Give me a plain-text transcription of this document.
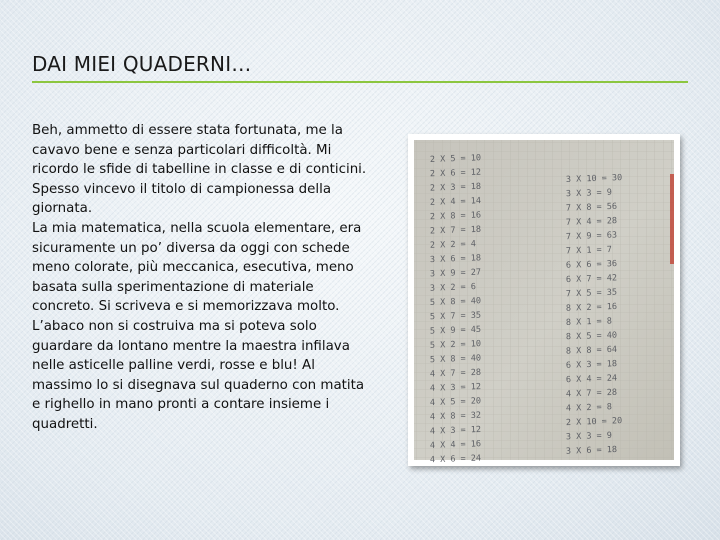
DAI MIEI QUADERNI…
Beh, ammetto di essere stata fortunata, me la
cavavo bene e senza particolari difficoltà. Mi
ricordo le sfide di tabelline in classe e di conticini.
Spesso vincevo il titolo di campionessa della
giornata.
La mia matematica, nella scuola elementare, era
sicuramente un po’ diversa da oggi con schede
meno colorate, più meccanica, esecutiva, meno
basata sulla sperimentazione di materiale
concreto. Si scriveva e si memorizzava molto.
L’abaco non si costruiva ma si poteva solo
guardare da lontano mentre la maestra infilava
nelle asticelle palline verdi, rosse e blu! Al
massimo lo si disegnava sul quaderno con matita
e righello in mano pronti a contare insieme i
quadretti.
2 X 5 = 10
2 X 6 = 12
2 X 3 = 18
2 X 4 = 14
2 X 8 = 16
2 X 7 = 18
2 X 2 = 4
3 X 6 = 18
3 X 9 = 27
3 X 2 = 6
5 X 8 = 40
5 X 7 = 35
5 X 9 = 45
5 X 2 = 10
5 X 8 = 40
4 X 7 = 28
4 X 3 = 12
4 X 5 = 20
4 X 8 = 32
4 X 3 = 12
4 X 4 = 16
4 X 6 = 24
3 X 10 = 30
3 X 3 = 9
7 X 8 = 56
7 X 4 = 28
7 X 9 = 63
7 X 1 = 7
6 X 6 = 36
6 X 7 = 42
7 X 5 = 35
8 X 2 = 16
8 X 1 = 8
8 X 5 = 40
8 X 8 = 64
6 X 3 = 18
6 X 4 = 24
4 X 7 = 28
4 X 2 = 8
2 X 10 = 20
3 X 3 = 9
3 X 6 = 18
